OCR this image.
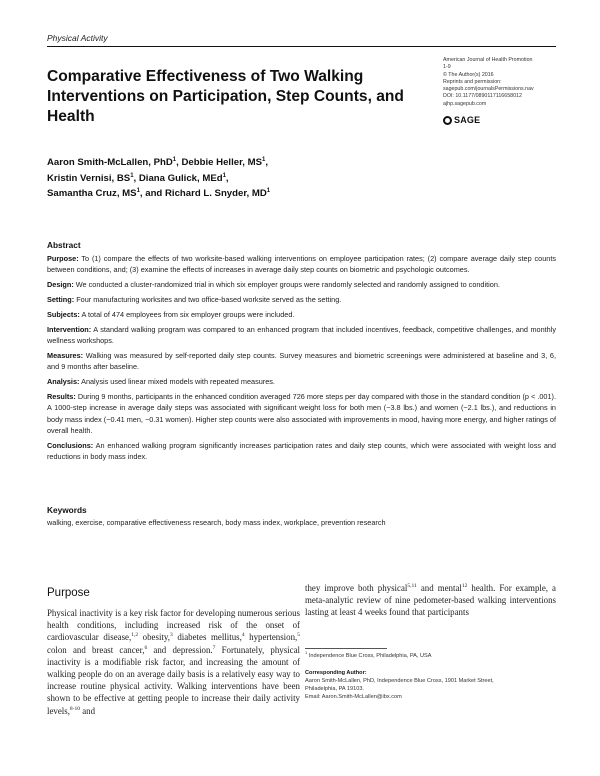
Physical Activity
Comparative Effectiveness of Two Walking Interventions on Participation, Step Counts, and Health
American Journal of Health Promotion
1-9
© The Author(s) 2016
Reprints and permission:
sagepub.com/journalsPermissions.nav
DOI: 10.1177/0890117116658012
ajhp.sagepub.com
SAGE
Aaron Smith-McLallen, PhD$^1$, Debbie Heller, $MS^1$,
Kristin Vernisi, $BS^1$, Diana Gulick, MEd$^1$,
Samantha Cruz, $MS^1$, and Richard L. Snyder, $MD^1$
Abstract

Purpose: To (1) compare the effects of two worksite-based walking interventions on employee participation rates; (2) compare average daily step counts between conditions, and; (3) examine the effects of increases in average daily step counts on biometric and psychologic outcomes.

Design: We conducted a cluster-randomized trial in which six employer groups were randomly selected and randomly assigned to condition.

Setting: Four manufacturing worksites and two office-based worksite served as the setting.

Subjects: A total of 474 employees from six employer groups were included.

Intervention: A standard walking program was compared to an enhanced program that included incentives, feedback, competitive challenges, and monthly wellness workshops.

Measures: Walking was measured by self-reported daily step counts. Survey measures and biometric screenings were administered at baseline and 3, 6, and 9 months after baseline.

Analysis: Analysis used linear mixed models with repeated measures.

Results: During 9 months, participants in the enhanced condition averaged 726 more steps per day compared with those in the standard condition (p < .001). A 1000-step increase in average daily steps was associated with significant weight loss for both men (−3.8 lbs.) and women (−2.1 lbs.), and reductions in body mass index (−0.41 men, −0.31 women). Higher step counts were also associated with improvements in mood, having more energy, and higher ratings of overall health.

Conclusions: An enhanced walking program significantly increases participation rates and daily step counts, which were associated with weight loss and reductions in body mass index.

Keywords
walking, exercise, comparative effectiveness research, body mass index, workplace, prevention research
Purpose
Physical inactivity is a key risk factor for developing numerous serious health conditions, including increased risk of the onset of cardiovascular disease,$^{1,2}$ obesity,$^3$ diabetes mellitus,$^4$ hypertension,$^5$ colon and breast cancer,$^6$ and depression.$^7$ Fortunately, physical inactivity is a modifiable risk factor, and increasing the amount of walking people do on an average daily basis is a relatively easy way to increase routine physical activity. Walking interventions have been shown to be effective at getting people to increase their daily activity levels,$^{8-10}$ and
they improve both physical$^{5,11}$ and mental$^{12}$ health. For example, a meta-analytic review of nine pedometer-based walking interventions lasting at least 4 weeks found that participants
$^1$ Independence Blue Cross, Philadelphia, PA, USA
Corresponding Author:
Aaron Smith-McLallen, PhD, Independence Blue Cross, 1901 Market Street,
Philadelphia, PA 19103.
Email: Aaron.Smith-McLallen@ibx.com
